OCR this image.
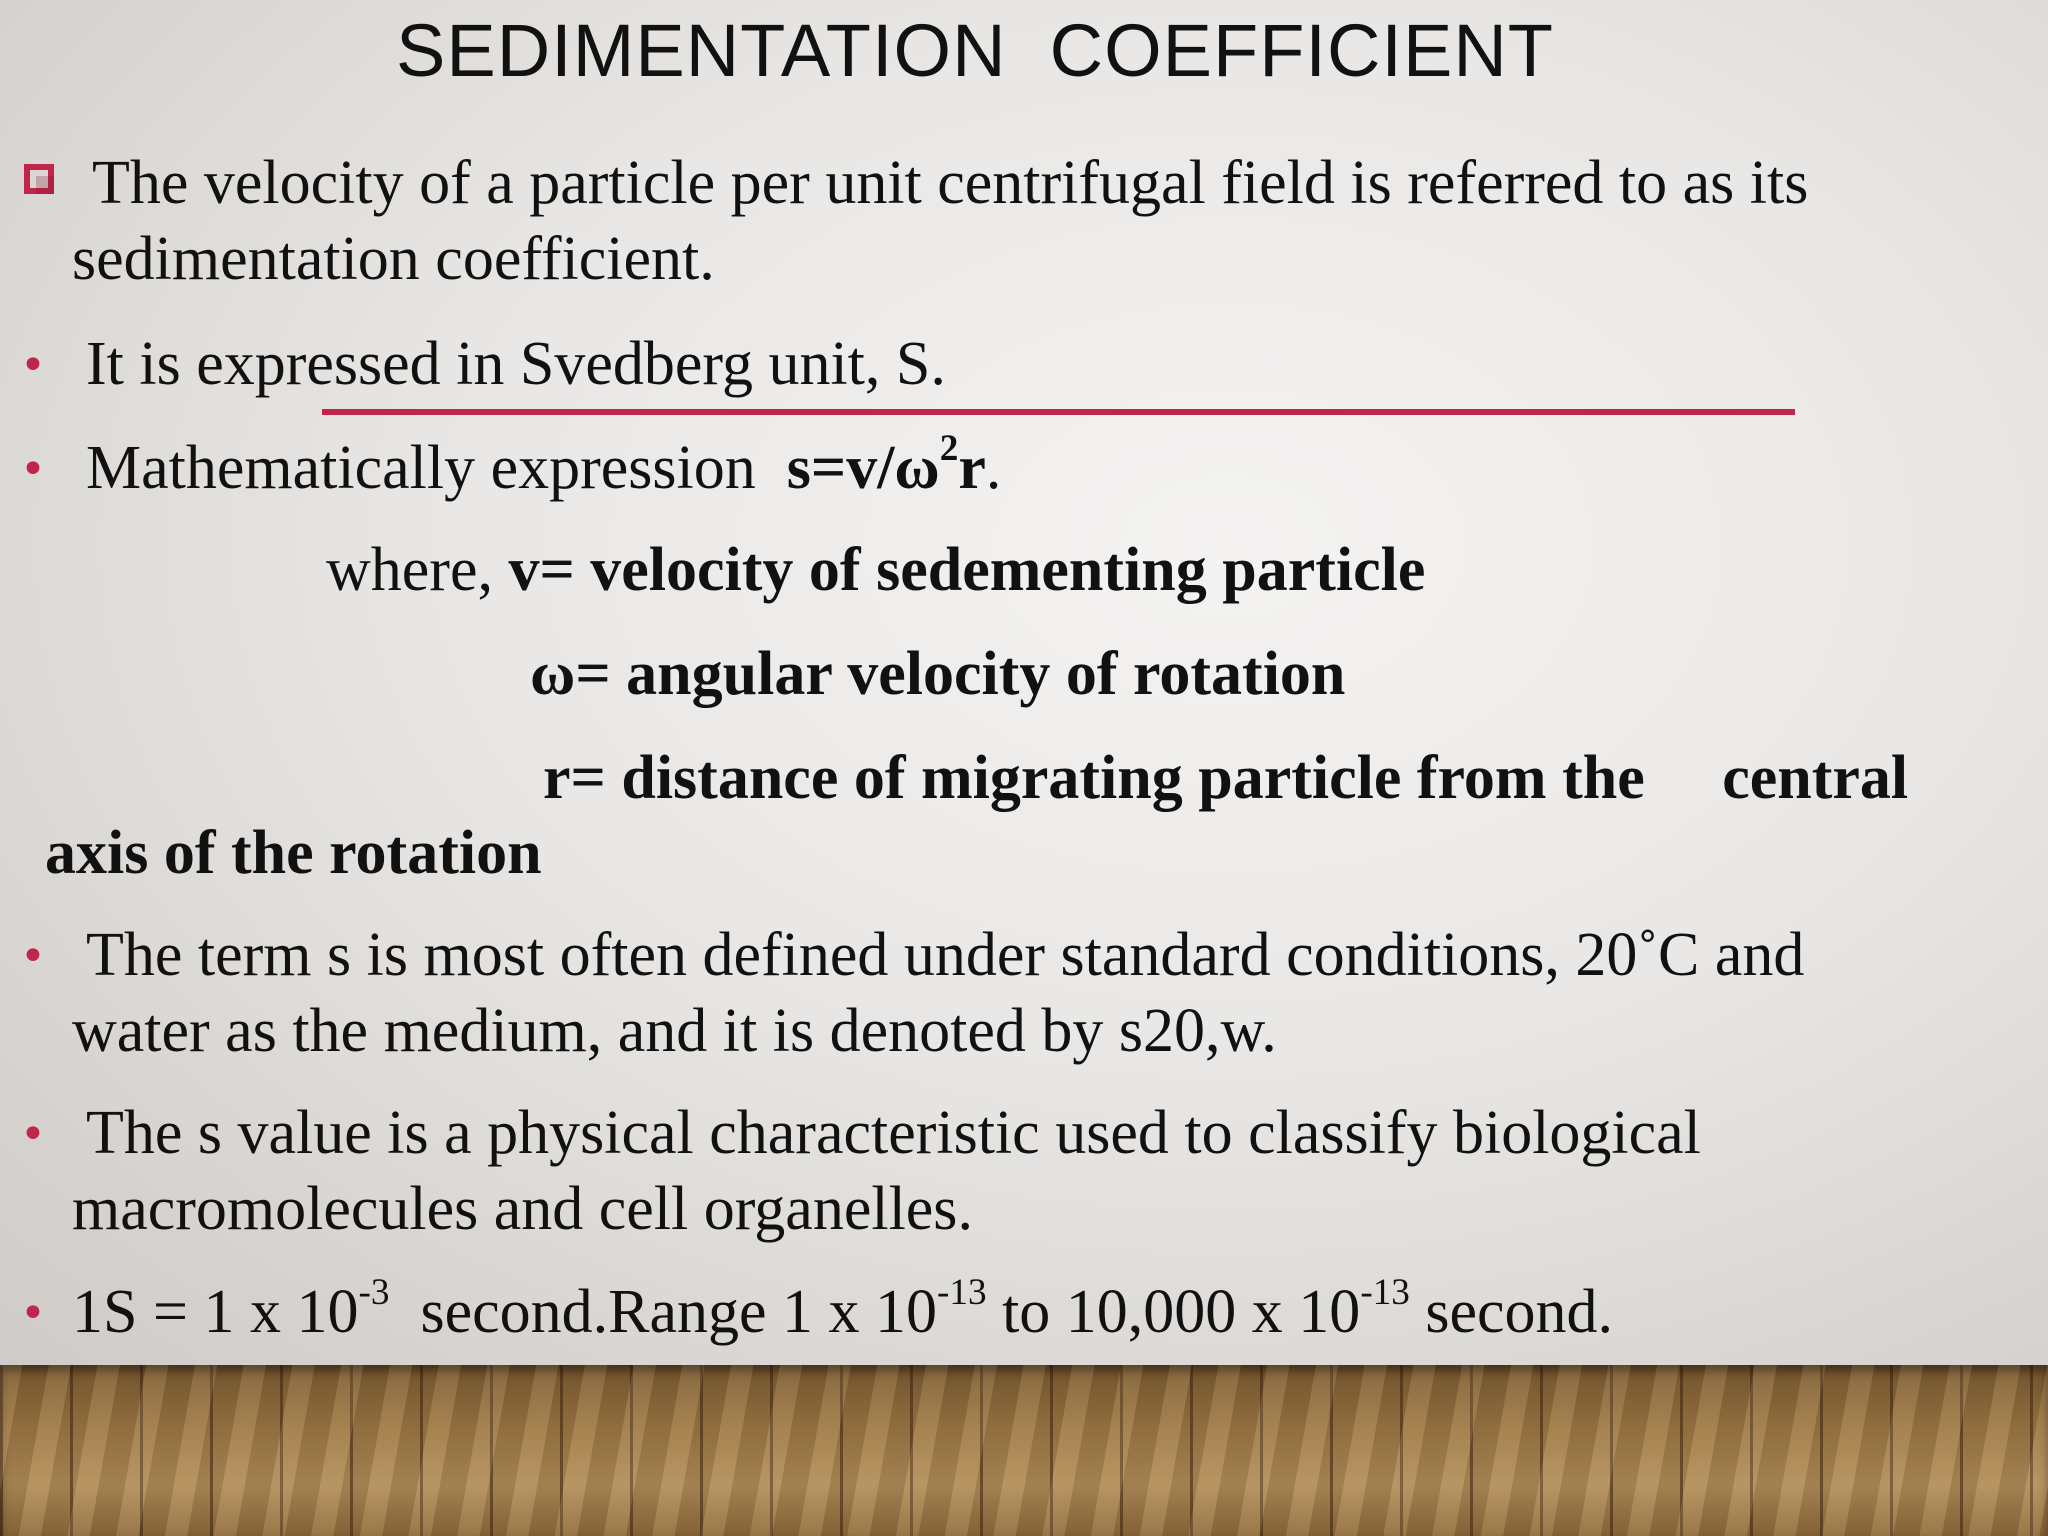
SEDIMENTATION  COEFFICIENT
The velocity of a particle per unit centrifugal field is referred to as its
sedimentation coefficient.
• It is expressed in Svedberg unit, S.
• Mathematically expression  $s=v/\omega^2r$.
where, v= velocity of sedementing particle
ω= angular velocity of rotation
r= distance of migrating particle from the     central
axis of the rotation
• The term s is most often defined under standard conditions, 20˚C and
water as the medium, and it is denoted by s20,w.
• The s value is a physical characteristic used to classify biological
macromolecules and cell organelles.
• 1S = 1 x $10^{-3}$  second.Range 1 x $10^{-13}$ to 10,000 x $10^{-13}$ second.
